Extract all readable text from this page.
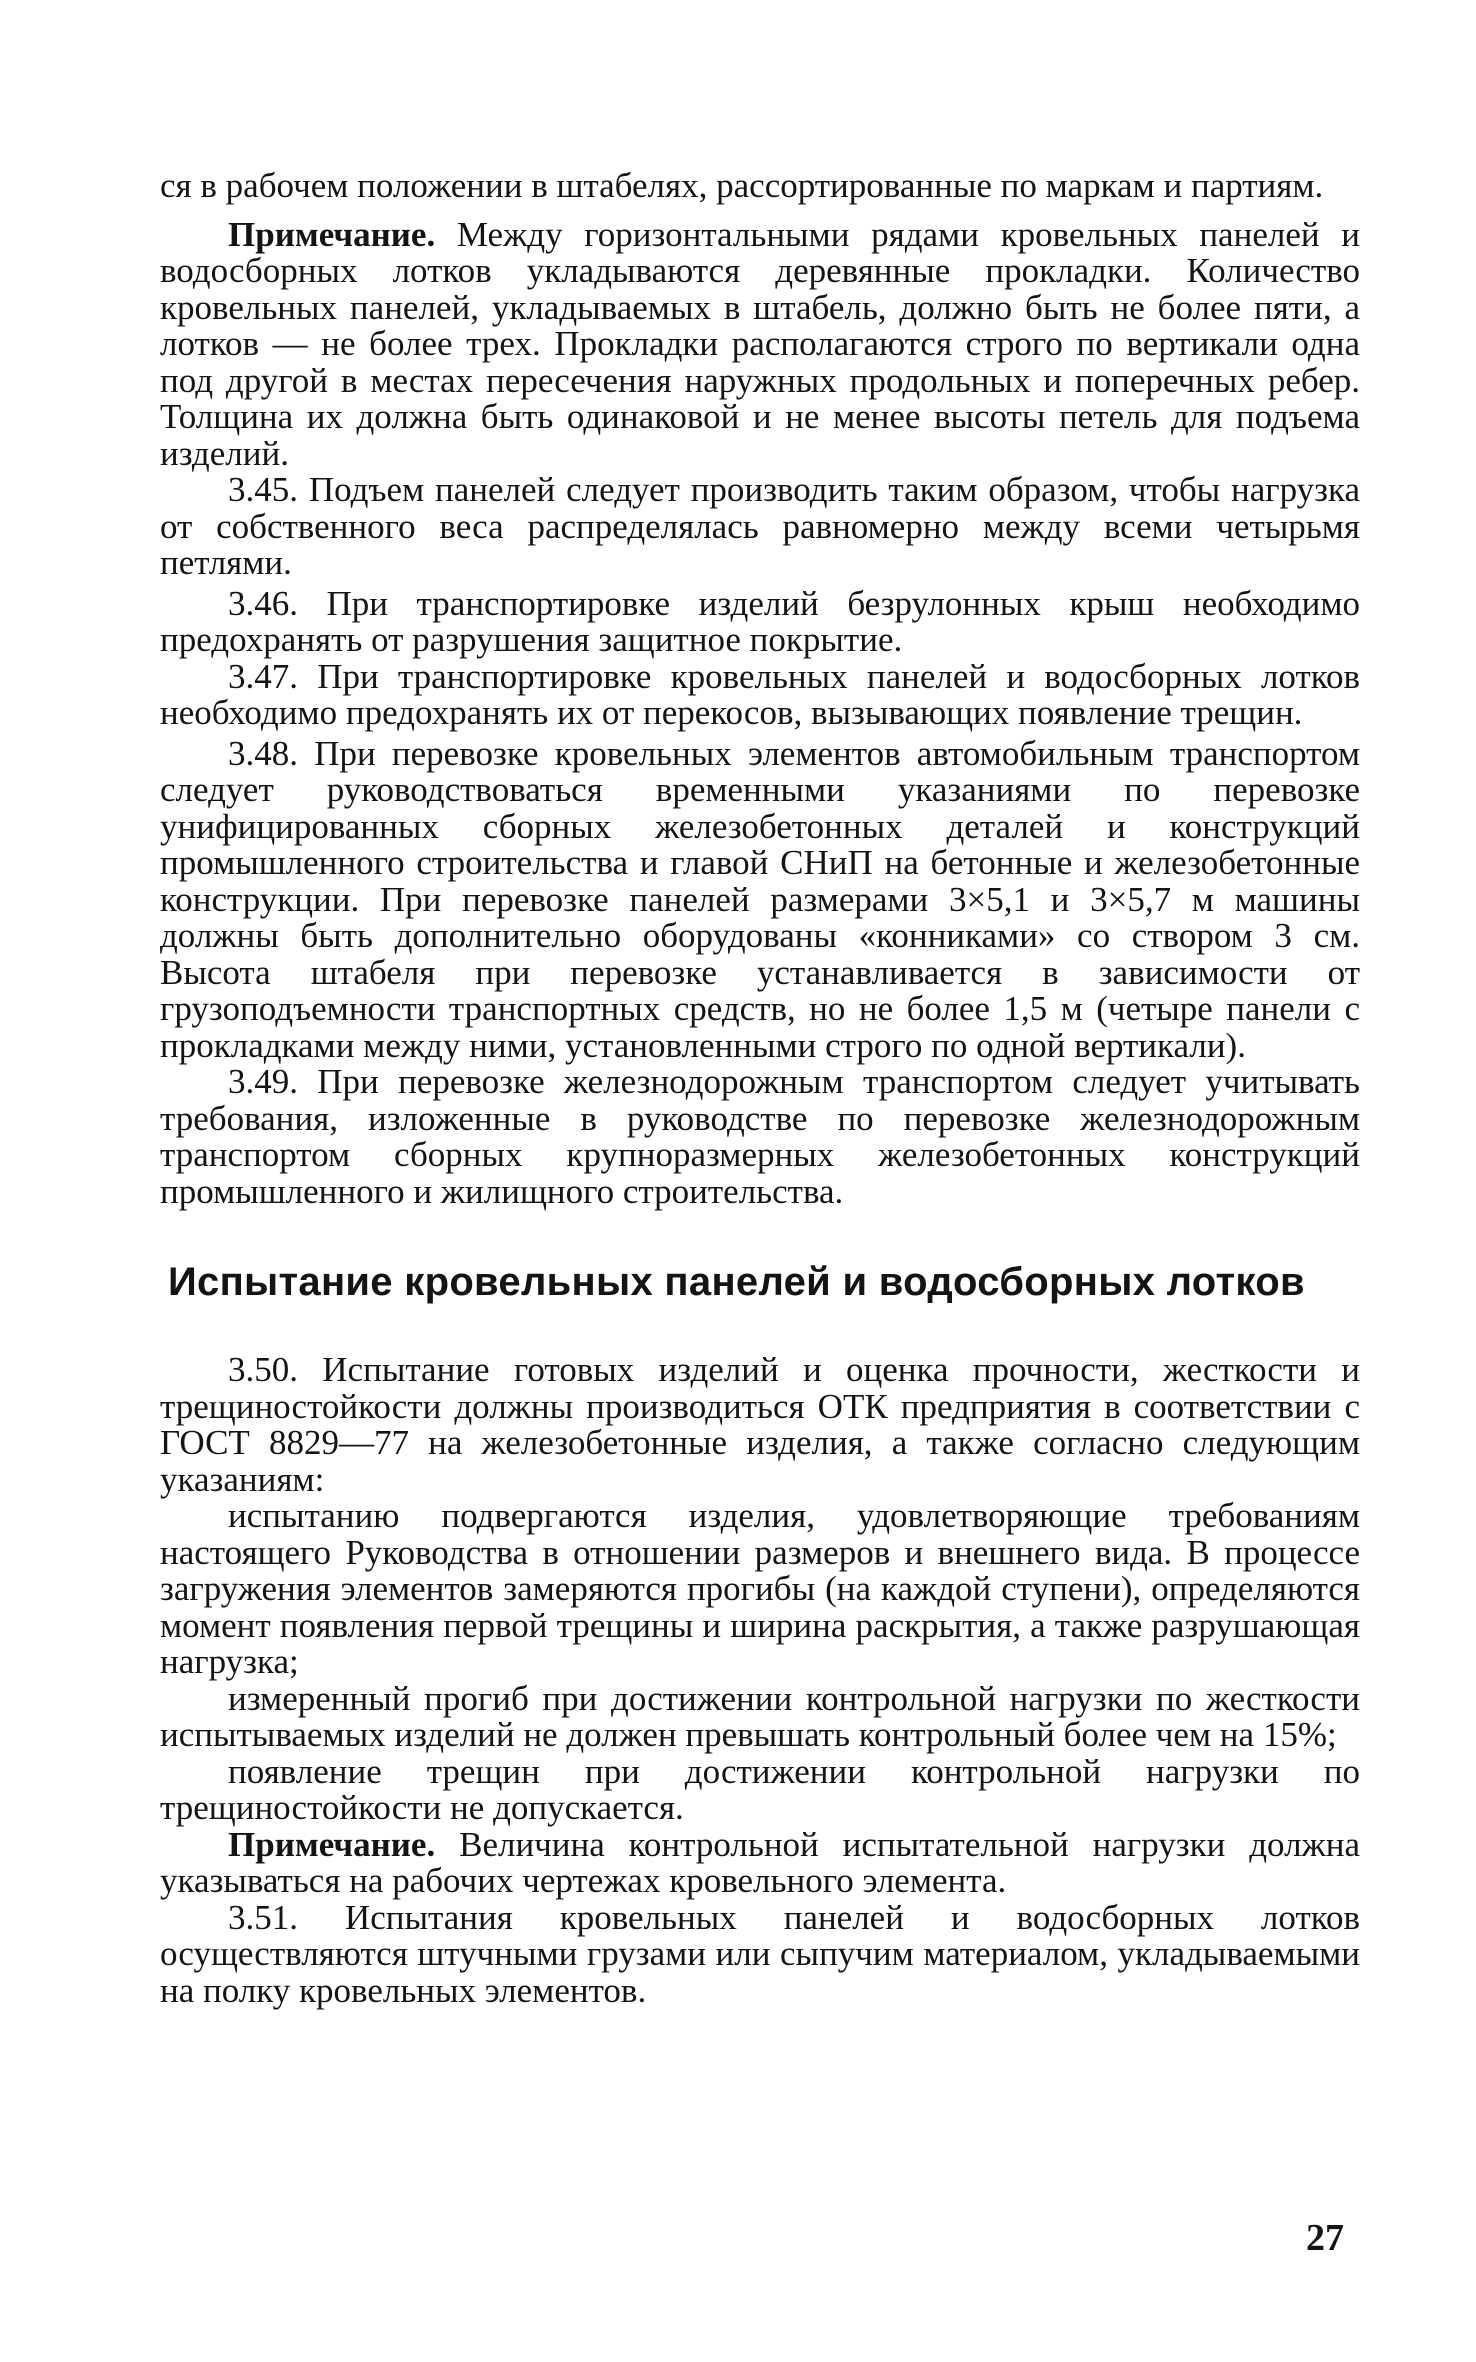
ся в рабочем положении в штабелях, рассортированные по маркам и партиям.

Примечание. Между горизонтальными рядами кровельных панелей и водосборных лотков укладываются деревянные прокладки. Количество кровельных панелей, укладываемых в штабель, должно быть не более пяти, а лотков — не более трех. Прокладки располагаются строго по вертикали одна под другой в местах пересечения наружных продольных и поперечных ребер. Толщина их должна быть одинаковой и не менее высоты петель для подъема изделий.

3.45. Подъем панелей следует производить таким образом, чтобы нагрузка от собственного веса распределялась равномерно между всеми четырьмя петлями.

3.46. При транспортировке изделий безрулонных крыш необходимо предохранять от разрушения защитное покрытие.

3.47. При транспортировке кровельных панелей и водосборных лотков необходимо предохранять их от перекосов, вызывающих появление трещин.

3.48. При перевозке кровельных элементов автомобильным транспортом следует руководствоваться временными указаниями по перевозке унифицированных сборных железобетонных деталей и конструкций промышленного строительства и главой СНиП на бетонные и железобетонные конструкции. При перевозке панелей размерами 3×5,1 и 3×5,7 м машины должны быть дополнительно оборудованы «конниками» со створом 3 см. Высота штабеля при перевозке устанавливается в зависимости от грузоподъемности транспортных средств, но не более 1,5 м (четыре панели с прокладками между ними, установленными строго по одной вертикали).

3.49. При перевозке железнодорожным транспортом следует учитывать требования, изложенные в руководстве по перевозке железнодорожным транспортом сборных крупноразмерных железобетонных конструкций промышленного и жилищного строительства.

Испытание кровельных панелей и водосборных лотков

3.50. Испытание готовых изделий и оценка прочности, жесткости и трещиностойкости должны производиться ОТК предприятия в соответствии с ГОСТ 8829—77 на железобетонные изделия, а также согласно следующим указаниям:

испытанию подвергаются изделия, удовлетворяющие требованиям настоящего Руководства в отношении размеров и внешнего вида. В процессе загружения элементов замеряются прогибы (на каждой ступени), определяются момент появления первой трещины и ширина раскрытия, а также разрушающая нагрузка;

измеренный прогиб при достижении контрольной нагрузки по жесткости испытываемых изделий не должен превышать контрольный более чем на 15%;

появление трещин при достижении контрольной нагрузки по трещиностойкости не допускается.

Примечание. Величина контрольной испытательной нагрузки должна указываться на рабочих чертежах кровельного элемента.

3.51. Испытания кровельных панелей и водосборных лотков осуществляются штучными грузами или сыпучим материалом, укладываемыми на полку кровельных элементов.

27
